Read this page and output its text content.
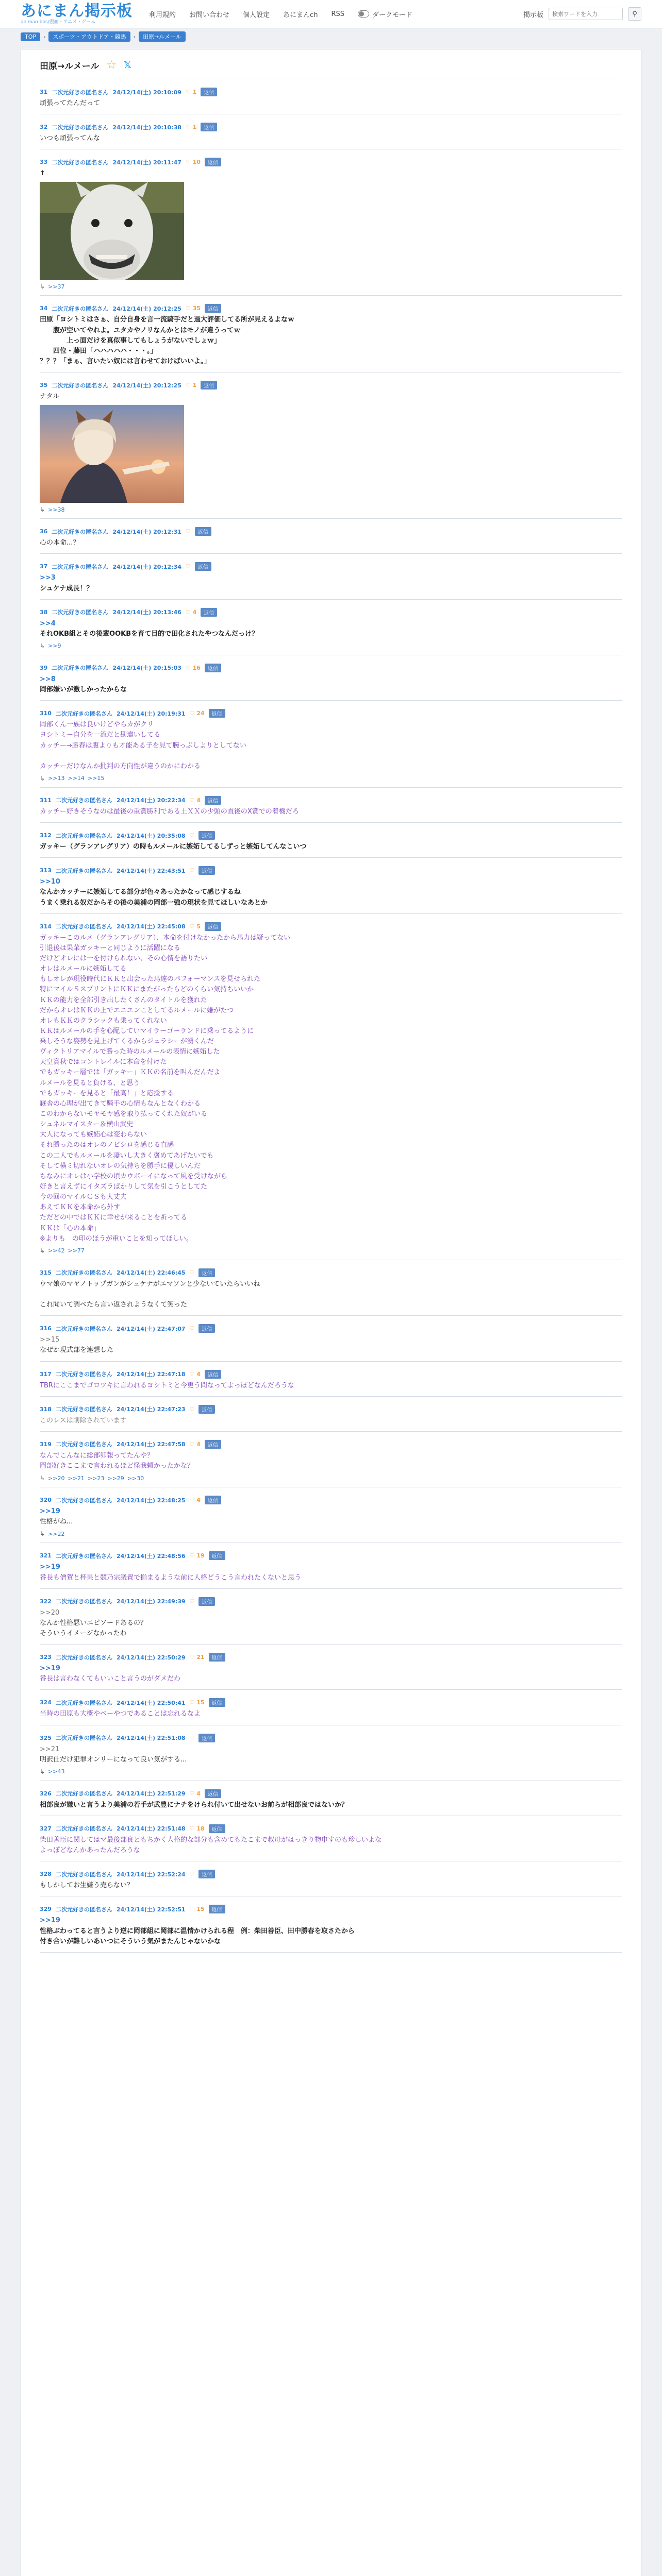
あにまん掲示板
animan bbs/漫画・アニメ・ゲーム
利用規約 お問い合わせ 個人設定 あにまんch RSS	ダークモード	掲示板
検索ワードを入力	⚲
TOP	›	スポーツ・アウトドア・競馬	›	田原→ルメール
田原→ルメール ☆ 𝕏
31 二次元好きの匿名さん 24/12/14(土) 20:10:09 ♡ 1	返信
頑張ってたんだって
32 二次元好きの匿名さん 24/12/14(土) 20:10:38 ♡ 1	返信
いつも頑張ってんな
33 二次元好きの匿名さん 24/12/14(土) 20:11:47 ♡ 10	返信
↑
↳ >>37
34 二次元好きの匿名さん 24/12/14(土) 20:12:25 ♡ 35	返信
田原「ヨシトミはさぁ、自分自身を言一流騎手だと過大評価してる所が見えるよなｗ
　　腹が空いてやれよ。ユタカやノリなんかとはモノが違うってｗ
　　　　上っ面だけを真似事してもしょうがないでしょｗ」
　　四位・藤田「ハハハハハ・・・。」
？？？「まぁ、言いたい奴には言わせておけばいいよ。」
35 二次元好きの匿名さん 24/12/14(土) 20:12:25 ♡ 1	返信
ナタル
↳ >>38
36 二次元好きの匿名さん 24/12/14(土) 20:12:31 ♡	返信
心の本命...？
37 二次元好きの匿名さん 24/12/14(土) 20:12:34 ♡	返信
>>3
シュケナ成長！？
38 二次元好きの匿名さん 24/12/14(土) 20:13:46 ♡ 4	返信
>>4
それOKB組とその後輩OOKBを育て目的で田化されたやつなんだっけ？
↳ >>9
39 二次元好きの匿名さん 24/12/14(土) 20:15:03 ♡ 16	返信
>>8
岡部嫌いが激しかったからな
310 二次元好きの匿名さん 24/12/14(土) 20:19:31 ♡ 24	返信
岡部くん一族は良いけどやらカがクリ
ヨシトミー自分を一流だと勘違いしてる
カッチー→勝春は腹よりも才能ある子を見て腕っぷしよりとしてない

カッチーだけなんか批判の方向性が違うのかにわかる
↳ >>13 >>14 >>15
311 二次元好きの匿名さん 24/12/14(土) 20:22:34 ♡ 4	返信
カッチー好きそうなのは最後の重賞勝利である土ＸＸの少頭の直後のX賞での着機だろ
312 二次元好きの匿名さん 24/12/14(土) 20:35:08 ♡	返信
ガッキー（グランアレグリア）の時もルメールに嫉妬してるしずっと嫉妬してんなこいつ
313 二次元好きの匿名さん 24/12/14(土) 22:43:51 ♡	返信
>>10
なんかカッチーに嫉妬してる部分が色々あったかなって感じするね
うまく乗れる奴だからその後の美浦の岡部一強の現状を見てほしいなあとか
314 二次元好きの匿名さん 24/12/14(土) 22:45:08 ♡ 5	返信
ガッキーこのルメ（グランアレグリア）、本命を付けなかったから馬力は疑ってない
引退後は果菜ガッキーと同じように活躍になる
だけどオレには一を付けられない、その心情を語りたい
オレはルメールに嫉妬してる
もしオレが現役時代にＫＫと出会った馬達のパフォーマンスを見せられた
特にマイルＳスプリントにＫＫにまたがったらどのくらい気持ちいいか
ＫＫの能力を全部引き出したくさんのタイトルを獲れた
だからオレはＫＫの上でエニエンことしてるルメールに嫌がたつ
オレもＫＫのクラシックも乗ってくれない
ＫＫはルメールの手を心配していマイラーゴーランドに乗ってるように
乗しそうな姿勢を見上げてくるからジェラシーが湧くんだ
ヴィクトリアマイルで勝った時のルメールの表情に嫉妬した
天皇賞秋ではコントレイルに本命を付けた
でもガッキー層では「ガッキー」ＫＫの名前を叫んだんだよ
ルメールを見ると負ける、と思う
でもガッキーを見ると「最高！」と応援する
厩舎の心理が出てきて騎手の心情もなんとなくわかる
このわからないモヤモヤ感を取り払ってくれた奴がいる
シュネルマイスター＆横山武史
大人になっても嫉妬心は変わらない
それ勝ったのはオレのノビシロを感じる直感
この二人でもルメールを凄いし大きく褒めてあげたいでも
そして横ミ切れないオレの気持ちを勝手に優しいんだ
ちなみにオレは小学校の頃カウボーイになって風を受けながら
好きと言えずにイタズラばかりして気を引こうとしてた
今の回のマイルＣＳも大丈夫
あえてＫＫを本命から外す
ただどの中ではＫＫに幸せが来ることを祈ってる
ＫＫは「心の本命」
※よりも　の印のほうが重いことを知ってほしい。
↳ >>42 >>77
315 二次元好きの匿名さん 24/12/14(土) 22:46:45 ♡	返信
ウマ娘のマヤノトップガンがシュケナがエマソンと少ないていたらいいね

これ聞いて調べたら言い返されようなくて笑った
316 二次元好きの匿名さん 24/12/14(土) 22:47:07 ♡	返信
>>15
なぜか現式部を連想した
317 二次元好きの匿名さん 24/12/14(土) 22:47:18 ♡ 4	返信
TBRにここまでゴロツキに言われるヨシトミと今更う問なってよっぽどなんだろうな
318 二次元好きの匿名さん 24/12/14(土) 22:47:23 ♡	返信
このレスは削除されています
319 二次元好きの匿名さん 24/12/14(土) 22:47:58 ♡ 4	返信
なんでこんなに総部卯報ってたんや？
岡部好きここまで言われるほど怪我頼かったかな？
↳ >>20 >>21 >>23 >>29 >>30
320 二次元好きの匿名さん 24/12/14(土) 22:48:25 ♡ 4	返信
>>19
性格がね...
↳ >>22
321 二次元好きの匿名さん 24/12/14(土) 22:48:56 ♡ 19	返信
>>19
番長も僧賀と杯果と競乃宗議置で揃まるような前に人格どうこう言われたくないと思う
322 二次元好きの匿名さん 24/12/14(土) 22:49:39 ♡	返信
>>20
なんか性格悪いエピソードあるの？
そういうイメージなかったわ
323 二次元好きの匿名さん 24/12/14(土) 22:50:29 ♡ 21	返信
>>19
番長は言わなくてもいいこと言うのがダメだわ
324 二次元好きの匿名さん 24/12/14(土) 22:50:41 ♡ 15	返信
当時の田原も大概やべーやつであることは忘れるなよ
325 二次元好きの匿名さん 24/12/14(土) 22:51:08 ♡	返信
>>21
明訳仕だけ犯罪オンリーになって良い気がする...
↳ >>43
326 二次元好きの匿名さん 24/12/14(土) 22:51:29 ♡ 4	返信
相部良が嫌いと言うより美浦の若手が武豊にナチをけられ付いて出せないお前らが相部良ではないか？
327 二次元好きの匿名さん 24/12/14(土) 22:51:48 ♡ 18	返信
柴田善臣に関してはマ最後部良ともちかく人格的な部分も含めてもたこまで叔母がはっきり物申すのも珍しいよな
よっぽどなんかあったんだろうな
328 二次元好きの匿名さん 24/12/14(土) 22:52:24 ♡	返信
もしかしてお生嫌う売らない？
329 二次元好きの匿名さん 24/12/14(土) 22:52:51 ♡ 15	返信
>>19
性格ぶわってると言うより逆に岡部組に岡部に温情かけられる程　例：柴田善臣、田中勝春を取さたから
付き合いが難しいあいつにそういう気がまたんじゃないかな
